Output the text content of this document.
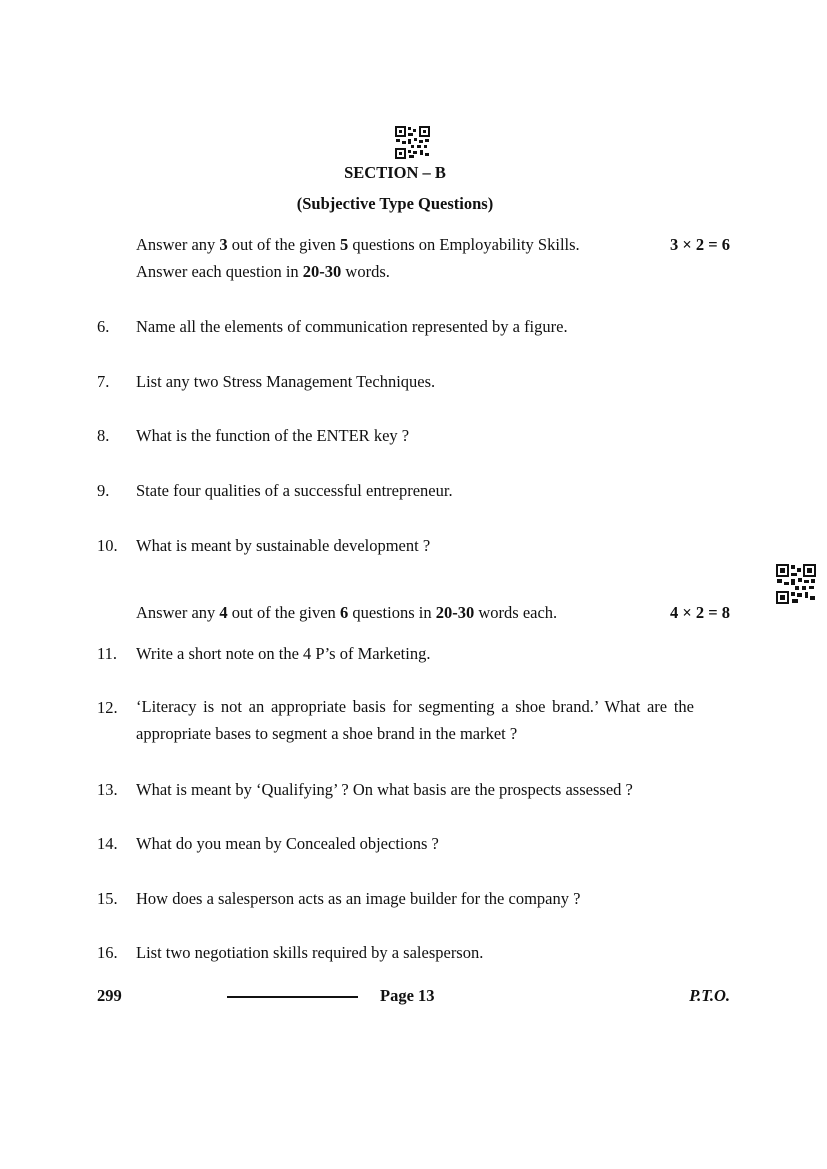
SECTION – B
(Subjective Type Questions)
Answer any 3 out of the given 5 questions on Employability Skills.	3 × 2 = 6
Answer each question in 20-30 words.
6. Name all the elements of communication represented by a figure.
7. List any two Stress Management Techniques.
8. What is the function of the ENTER key ?
9. State four qualities of a successful entrepreneur.
10. What is meant by sustainable development ?
Answer any 4 out of the given 6 questions in 20-30 words each.	4 × 2 = 8
11. Write a short note on the 4 P’s of Marketing.
12. ‘Literacy is not an appropriate basis for segmenting a shoe brand.’ What are the appropriate bases to segment a shoe brand in the market ?
13. What is meant by ‘Qualifying’ ? On what basis are the prospects assessed ?
14. What do you mean by Concealed objections ?
15. How does a salesperson acts as an image builder for the company ?
16. List two negotiation skills required by a salesperson.
299	Page 13	P.T.O.
